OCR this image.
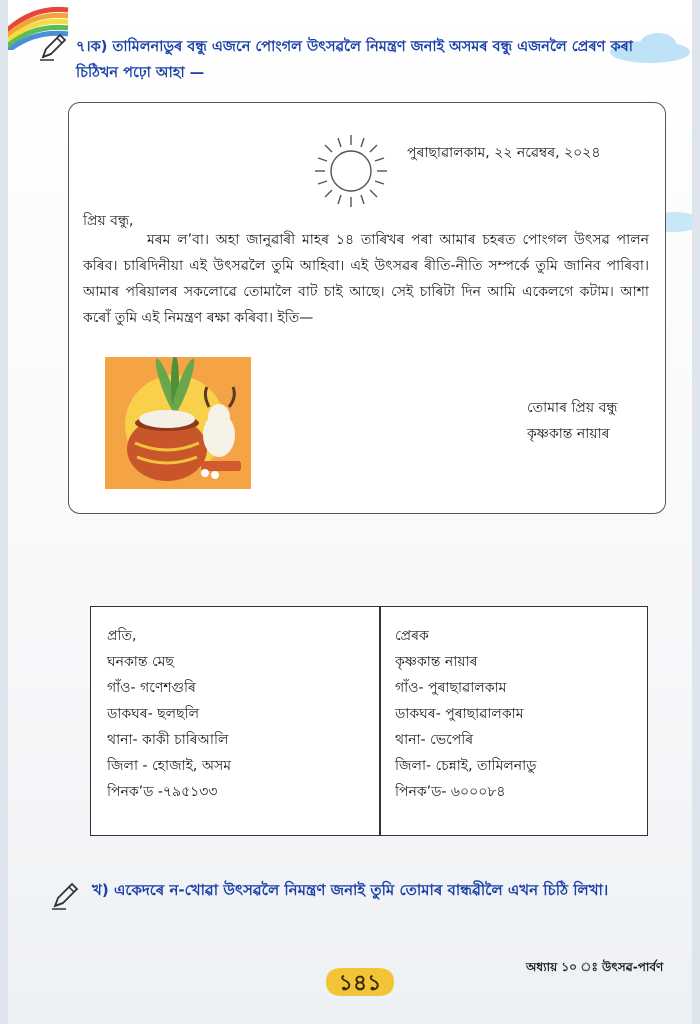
৭।ক) তামিলনাডুৰ বন্ধু এজনে পোংগল উৎসৱলৈ নিমন্ত্ৰণ জনাই অসমৰ বন্ধু এজনলৈ প্ৰেৰণ কৰা চিঠিখন পঢ়ো আহা —
পুৰাছাৱালকাম, ২২ নৱেম্বৰ, ২০২৪
প্ৰিয় বন্ধু,
মৰম ল’বা। অহা জানুৱাৰী মাহৰ ১৪ তাৰিখৰ পৰা আমাৰ চহৰত পোংগল উৎসৱ পালন কৰিব। চাৰিদিনীয়া এই উৎসৱলৈ তুমি আহিবা। এই উৎসৱৰ ৰীতি-নীতি সম্পৰ্কে তুমি জানিব পাৰিবা। আমাৰ পৰিয়ালৰ সকলোৱে তোমালৈ বাট চাই আছে। সেই চাৰিটা দিন আমি একেলগে কটাম। আশা কৰোঁ তুমি এই নিমন্ত্ৰণ ৰক্ষা কৰিবা। ইতি—
তোমাৰ প্ৰিয় বন্ধু
কৃষ্ণকান্ত নায়াৰ
প্ৰতি,
ঘনকান্ত মেছ
গাঁও- গণেশগুৰি
ডাকঘৰ- ছলছলি
থানা- কাকী চাৰিআলি
জিলা - হোজাই, অসম
পিনক’ড -৭৯৫১৩৩
প্ৰেৰক
কৃষ্ণকান্ত নায়াৰ
গাঁও- পুৰাছাৱালকাম
ডাকঘৰ- পুৰাছাৱালকাম
থানা- ভেপেৰি
জিলা- চেন্নাই, তামিলনাডু
পিনক’ড- ৬০০০৮৪
খ) একেদৰে ন-খোৱা উৎসৱলৈ নিমন্ত্ৰণ জনাই তুমি তোমাৰ বান্ধৱীলৈ এখন চিঠি লিখা।
১৪১
অধ্যায় ১০ ঃ উৎসৱ-পাৰ্বণ
